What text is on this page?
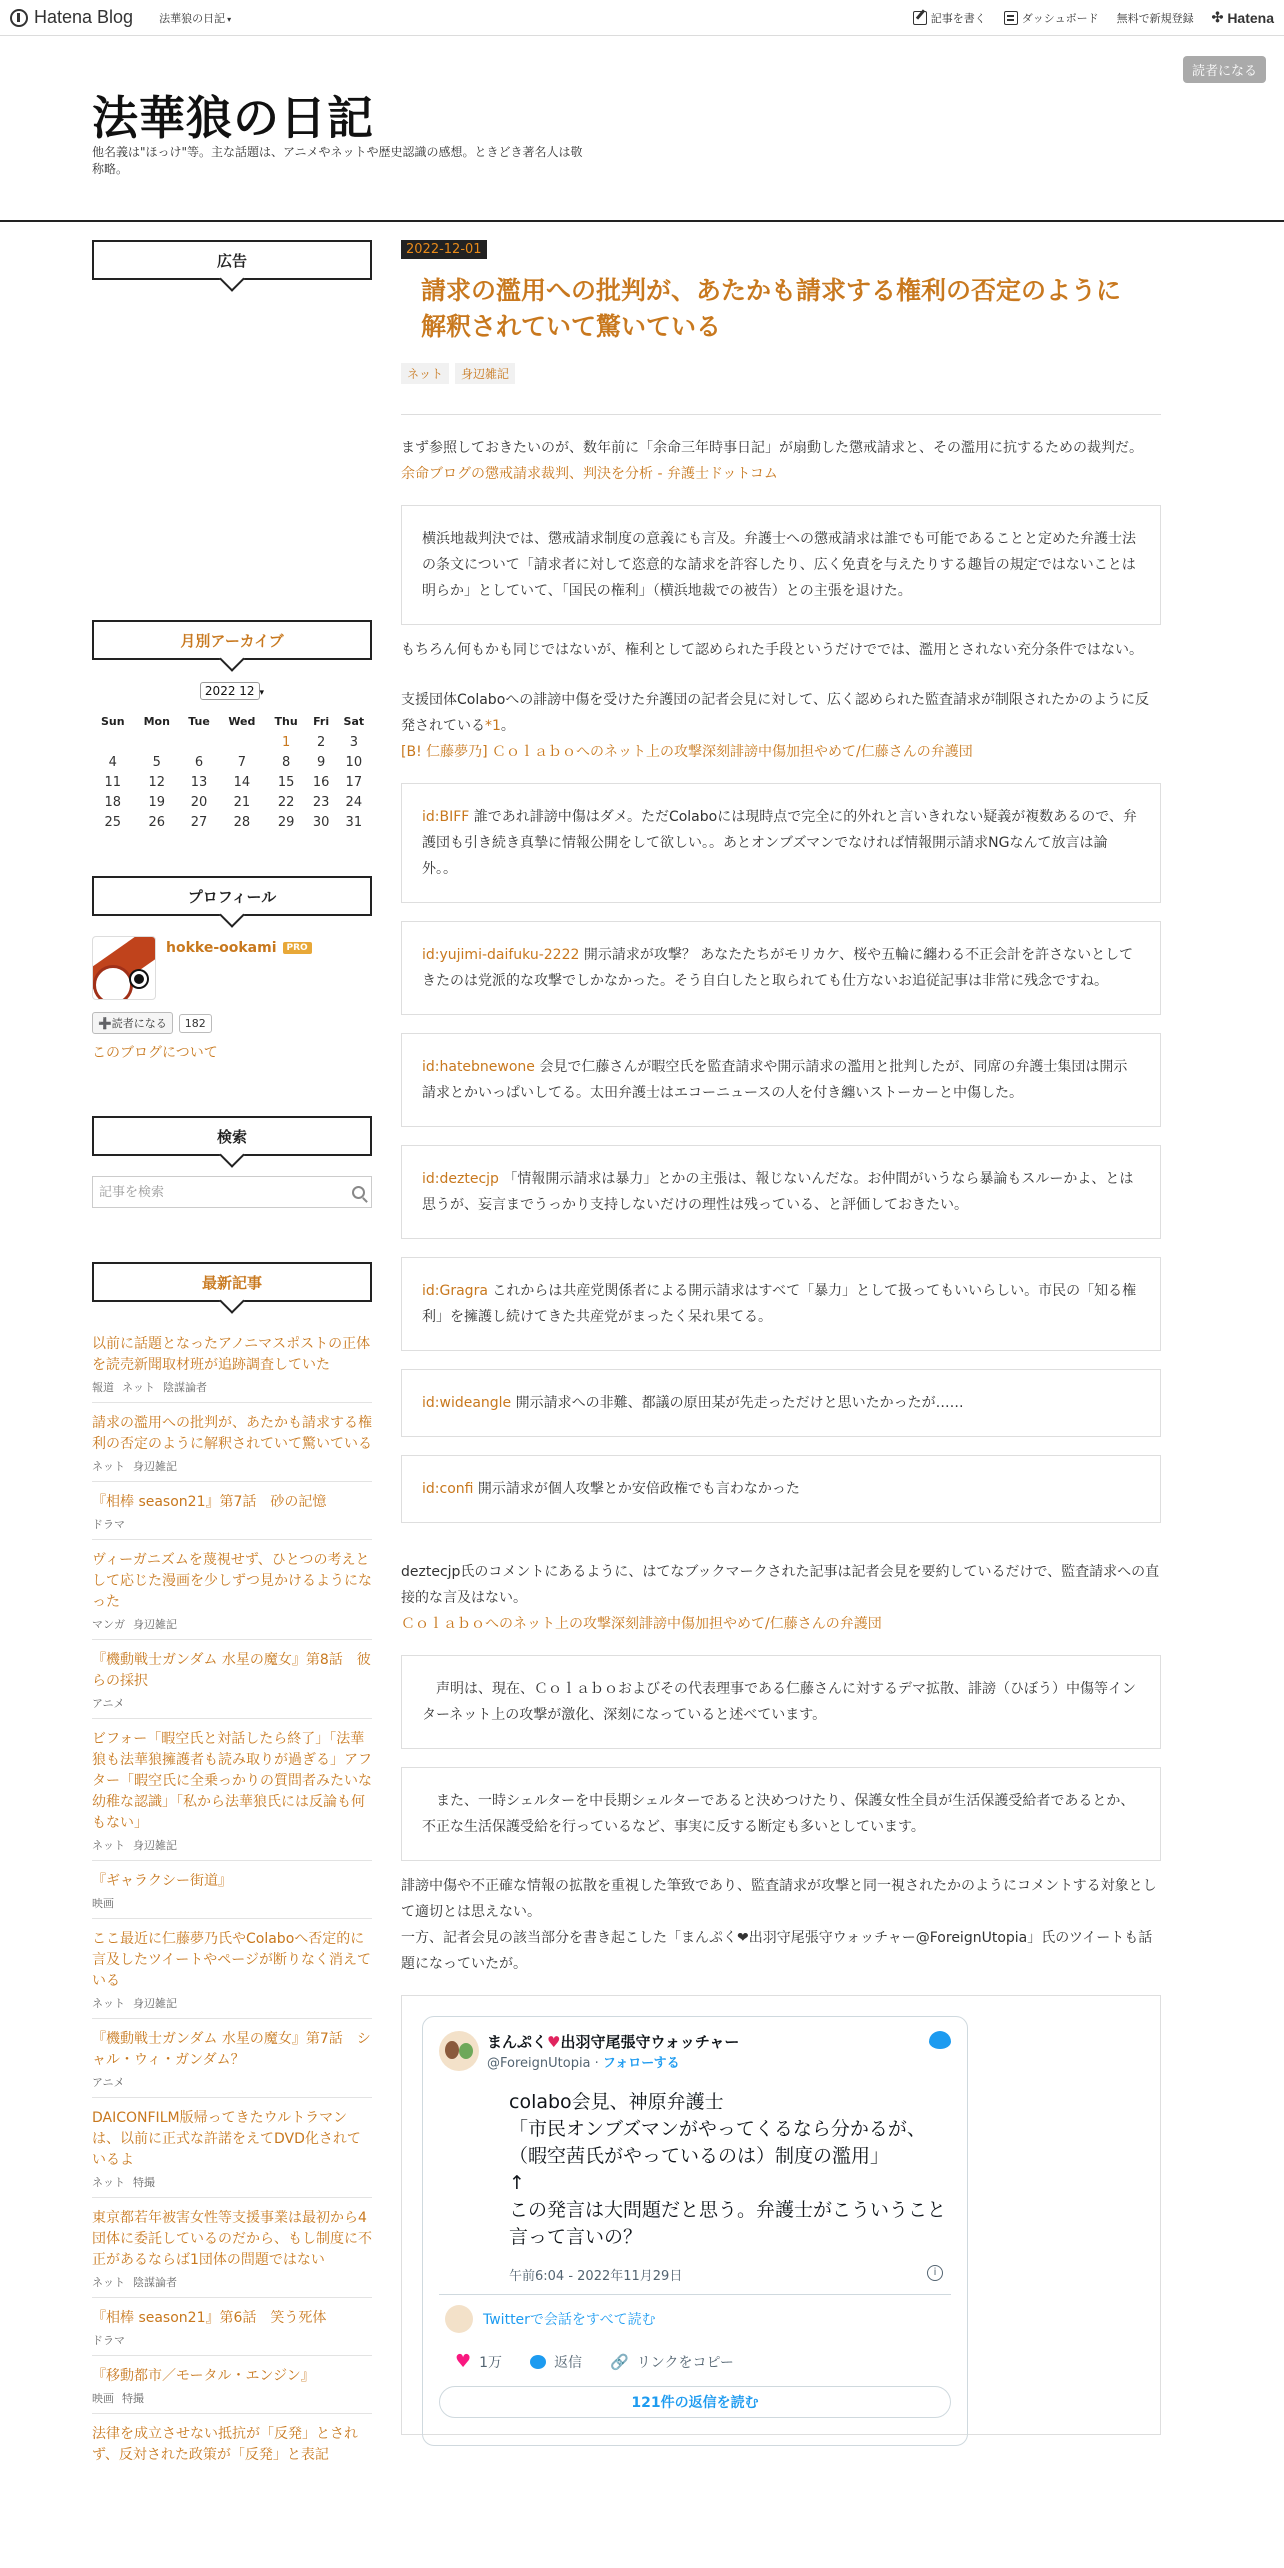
Hatena Blog 法華狼の日記 ▾	記事を書く	ダッシュボード 無料で新規登録 ✣ Hatena
法華狼の日記
他名義は"ほっけ"等。主な話題は、アニメやネットや歴史認識の感想。ときどき著名人は敬称略。
読者になる
広告
月別アーカイブ
2022 12 ▾
Sun	Mon	Tue	Wed	Thu	Fri	Sat
				1	2	3
4	5	6	7	8	9	10
11	12	13	14	15	16	17
18	19	20	21	22	23	24
25	26	27	28	29	30	31
プロフィール
hokke-ookami	PRO
➕読者になる	182
このブログについて
検索
記事を検索
最新記事
以前に話題となったアノニマスポストの正体を読売新聞取材班が追跡調査していた
報道 ネット 陰謀論者
請求の濫用への批判が、あたかも請求する権利の否定のように解釈されていて驚いている
ネット 身辺雑記
『相棒 season21』第7話　砂の記憶
ドラマ
ヴィーガニズムを蔑視せず、ひとつの考えとして応じた漫画を少しずつ見かけるようになった
マンガ 身辺雑記
『機動戦士ガンダム 水星の魔女』第8話　彼らの採択
アニメ
ビフォー「暇空氏と対話したら終了」「法華狼も法華狼擁護者も読み取りが過ぎる」アフター「暇空氏に全乗っかりの質問者みたいな幼稚な認識」「私から法華狼氏には反論も何もない」
ネット 身辺雑記
『ギャラクシー街道』
映画
ここ最近に仁藤夢乃氏やColaboへ否定的に言及したツイートやページが断りなく消えている
ネット 身辺雑記
『機動戦士ガンダム 水星の魔女』第7話　シャル・ウィ・ガンダム？
アニメ
DAICONFILM版帰ってきたウルトラマンは、以前に正式な許諾をえてDVD化されているよ
ネット 特撮
東京都若年被害女性等支援事業は最初から4団体に委託しているのだから、もし制度に不正があるならば1団体の問題ではない
ネット 陰謀論者
『相棒 season21』第6話　笑う死体
ドラマ
『移動都市／モータル・エンジン』
映画 特撮
法律を成立させない抵抗が「反発」とされず、反対された政策が「反発」と表記
2022-12-01
請求の濫用への批判が、あたかも請求する権利の否定のように解釈されていて驚いている
ネット	身辺雑記
まず参照しておきたいのが、数年前に「余命三年時事日記」が扇動した懲戒請求と、その濫用に抗するための裁判だ。
余命ブログの懲戒請求裁判、判決を分析 - 弁護士ドットコム
横浜地裁判決では、懲戒請求制度の意義にも言及。弁護士への懲戒請求は誰でも可能であることと定めた弁護士法の条文について「請求者に対して恣意的な請求を許容したり、広く免責を与えたりする趣旨の規定ではないことは明らか」としていて、「国民の権利」（横浜地裁での被告）との主張を退けた。
もちろん何もかも同じではないが、権利として認められた手段というだけででは、濫用とされない充分条件ではない。
支援団体Colaboへの誹謗中傷を受けた弁護団の記者会見に対して、広く認められた監査請求が制限されたかのように反発されている*1。
[B! 仁藤夢乃] Ｃｏｌａｂｏへのネット上の攻撃深刻誹謗中傷加担やめて/仁藤さんの弁護団
id:BIFF 誰であれ誹謗中傷はダメ。ただColaboには現時点で完全に的外れと言いきれない疑義が複数あるので、弁護団も引き続き真摯に情報公開をして欲しい。。あとオンブズマンでなければ情報開示請求NGなんて放言は論外。。
id:yujimi-daifuku-2222 開示請求が攻撃？ あなたたちがモリカケ、桜や五輪に纏わる不正会計を許さないとしてきたのは党派的な攻撃でしかなかった。そう自白したと取られても仕方ないお追従記事は非常に残念ですね。
id:hatebnewone 会見で仁藤さんが暇空氏を監査請求や開示請求の濫用と批判したが、同席の弁護士集団は開示請求とかいっぱいしてる。太田弁護士はエコーニュースの人を付き纏いストーカーと中傷した。
id:deztecjp 「情報開示請求は暴力」とかの主張は、報じないんだな。お仲間がいうなら暴論もスルーかよ、とは思うが、妄言までうっかり支持しないだけの理性は残っている、と評価しておきたい。
id:Gragra これからは共産党関係者による開示請求はすべて「暴力」として扱ってもいいらしい。市民の「知る権利」を擁護し続けてきた共産党がまったく呆れ果てる。
id:wideangle 開示請求への非難、都議の原田某が先走っただけと思いたかったが……
id:confi 開示請求が個人攻撃とか安倍政権でも言わなかった
deztecjp氏のコメントにあるように、はてなブックマークされた記事は記者会見を要約しているだけで、監査請求への直接的な言及はない。
Ｃｏｌａｂｏへのネット上の攻撃深刻誹謗中傷加担やめて/仁藤さんの弁護団
　声明は、現在、Ｃｏｌａｂｏおよびその代表理事である仁藤さんに対するデマ拡散、誹謗（ひぼう）中傷等インターネット上の攻撃が激化、深刻になっていると述べています。
　また、一時シェルターを中長期シェルターであると決めつけたり、保護女性全員が生活保護受給者であるとか、不正な生活保護受給を行っているなど、事実に反する断定も多いとしています。
誹謗中傷や不正確な情報の拡散を重視した筆致であり、監査請求が攻撃と同一視されたかのようにコメントする対象として適切とは思えない。
一方、記者会見の該当部分を書き起こした「まんぷく❤出羽守尾張守ウォッチャー@ForeignUtopia」氏のツイートも話題になっていたが。
まんぷく♥出羽守尾張守ウォッチャー
@ForeignUtopia · フォローする
colabo会見、神原弁護士
「市民オンブズマンがやってくるなら分かるが、（暇空茜氏がやっているのは）制度の濫用」
↑
この発言は大問題だと思う。弁護士がこういうこと言って言いの？
午前6:04 - 2022年11月29日	i
Twitterで会話をすべて読む
♥ 1万	返信 🔗 リンクをコピー
121件の返信を読む
